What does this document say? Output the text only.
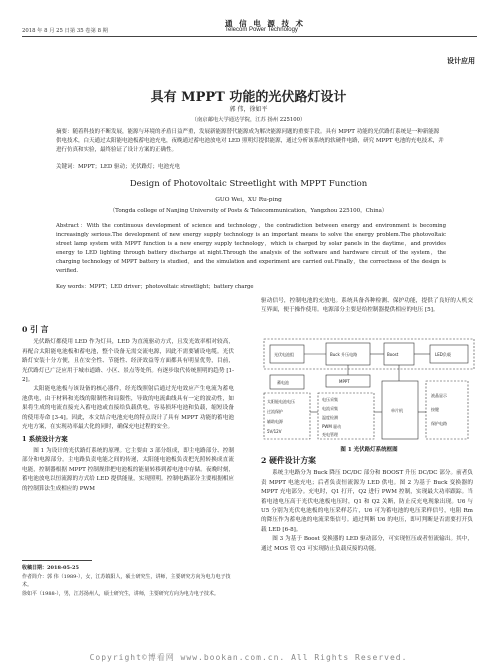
2018 年 8 月 25 日第 35 卷第 8 期
通 信 电 源 技 术
Telecom Power Technology
设计应用
具有 MPPT 功能的光伏路灯设计
郭 伟，徐如平
（南京邮电大学通达学院，江苏 扬州 225100）
摘要：随着科技的不断发展，能源与环境的矛盾日益严重，发展新能源替代能源成为解决能源问题的重要手段。具有 MPPT 功能的光伏路灯系统是一种新能源供电技术，白天通过太阳能电池板蓄电池充电，夜晚通过蓄电池放电对 LED 照明灯提供能源，通过分析该系统的软硬件电路，研究 MPPT 电池的充电技术，并进行仿真和实验，最终验证了设计方案的正确性。
关键词：MPPT；LED 驱动；光伏路灯；电池充电
Design of Photovoltaic Streetlight with MPPT Function
GUO Wei，XU Ru-ping
（Tongda college of Nanjing University of Posts & Telecommunication，Yangzhou 225100，China）
Abstract：With the continuous development of science and technology，the contradiction between energy and environment is becoming increasingly serious.The development of new energy supply technology is an important means to solve the energy problem.The photovoltaic street lamp system with MPPT function is a new energy supply technology，which is charged by solar panels in the daytime，and provides energy to LED lighting through battery discharge at night.Through the analysis of the software and hardware circuit of the system，the charging technology of MPPT battery is studied，and the simulation and experiment are carried out.Finally，the correctness of the design is verified.
Key words：MPPT；LED driver；photovoltaic streetlight；battery charge
0 引 言

光伏路灯都使用 LED 作为灯具，LED 为直流驱动方式，且发光效率相对较高，再配合太阳能电池板和蓄电池，整个设备无需交流电源，因此不需要铺设电缆。光伏路灯安装十分方便，且在安全性、节能性、经济效益等方面都具有明显优势，目前，光伏路灯已广泛应用于城市道路、小区、景点等处所。有逐步取代传统照明的趋势 [1-2]。

太阳能电池板与该设备的核心器件，经光线照射后通过光电效应产生电流为蓄电池供电，由于材料和光线的限制性和局限性，导致的电流曲线具有一定的波动性，如果将生成的电流直接充入蓄电池或直接给负载供电，容易损坏电池和负载，缩短设备的使用寿命 [3-4]。因此，本文结合电池充电的特点设计了具有 MPPT 功能的蓄电池充电方案，在实现功率最大化的同时，确保充电过程的安全。

1 系统设计方案

图 1 为设计的光伏路灯系统的原理。它主要由 3 部分组成，即主电路部分、控制部分和电源部分。主电路负责电能之间的传递，太阳能电池板负责把光照转换成直流电能，控制器根据 MPPT 控制规律把电池板的能量转移到蓄电池中存储。夜晚时刻，蓄电池放电以恒流源的方式给 LED 提供能量，实现照明。控制电路部分主要根据相应的控制算法生成相应的 PWM

收稿日期：2018-05-25
作者简介：郭 伟（1989-），女，江苏镇阳人，硕士研究生，讲师，主要研究方向为电力电子技术。
徐如平（1988-），男，江苏扬州人，硕士研究生，讲师，主要研究方向为电力电子技术。

驱动信号，控制电池的充放电。系统具备各种检测、保护功能，提供了良好的人机交互界面，便于操作使用。电源部分主要是给控制器提供相应的电压 [5]。

光伏电池组	Buck 升压电路	Boost	LED负载
蓄电池	MPPT
太阳能电池电压
过流保护
辅助电源
5V/12V
电压采集
电流采集
温度检测
PWM 驱动
充电管理
单片机
液晶显示
按键
保护电路
图 1 光伏路灯系统框图
2 硬件设计方案

系统主电路分为 Buck 降压 DC/DC 部分和 BOOST 升压 DC/DC 部分。前者负责 MPPT 电池充电；后者负责恒流源为 LED 供电。图 2 为基于 Buck 变换器的 MPPT 充电部分。充电时，Q1 打开，Q2 进行 PWM 控制，实现最大功率跟踪。当蓄电池电压高于光伏电池板电压时，Q1 和 Q2 关断，防止反充电现象出现。U6 与 U5 分别为光伏电池板的电压采样芯片，U6 可为蓄电池的电压采样信号，电阻 Rm 的降压作为蓄电池的电流采集信号。通过判断 U6 的电压，即可判断是否需要打开负载 LED [6-8]。

图 3 为基于 Boost 变换器的 LED 驱动部分，可实现恒压或者恒流输出。其中，通过 MOS 管 Q3 可实现防止负载反接的功能。

Copyright©博看网 www.bookan.com.cn. All Rights Reserved.
